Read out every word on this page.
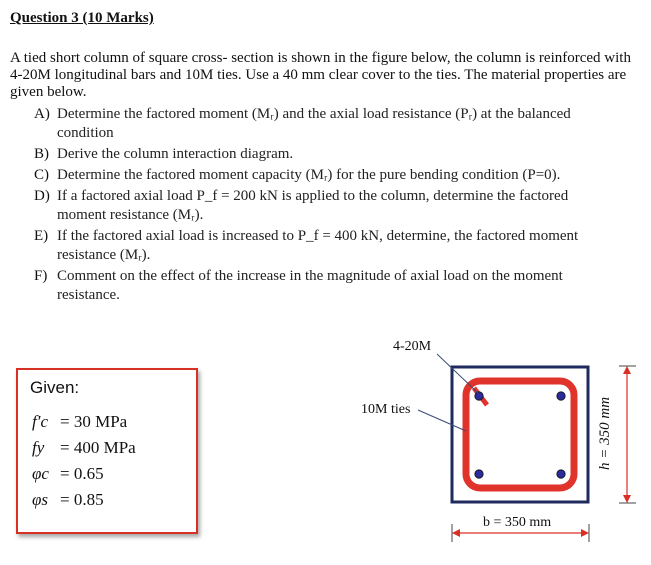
Question 3 (10 Marks)
A tied short column of square cross- section is shown in the figure below, the column is reinforced with 4-20M longitudinal bars and 10M ties. Use a 40 mm clear cover to the ties. The material properties are given below.
A) Determine the factored moment (Mᵣ) and the axial load resistance (Pᵣ) at the balanced condition
B) Derive the column interaction diagram.
C) Determine the factored moment capacity (Mᵣ) for the pure bending condition (P=0).
D) If a factored axial load P_f = 200 kN is applied to the column, determine the factored moment resistance (Mᵣ).
E) If the factored axial load is increased to P_f = 400 kN, determine, the factored moment resistance (Mᵣ).
F) Comment on the effect of the increase in the magnitude of axial load on the moment resistance.
Given:
f′c = 30 MPa
fy = 400 MPa
φc = 0.65
φs = 0.85
4-20M
10M ties
b = 350 mm
h = 350 mm
